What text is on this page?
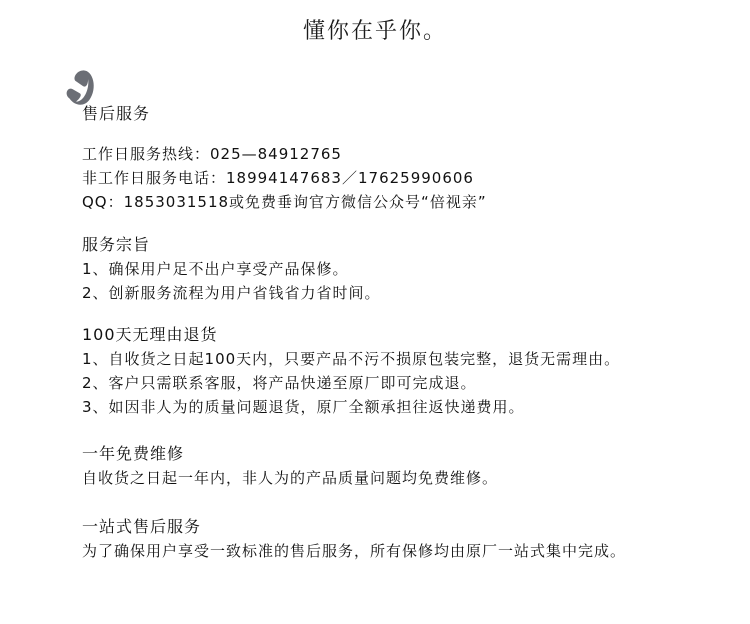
懂你在乎你。
售后服务
工作日服务热线：025—84912765
非工作日服务电话：18994147683／17625990606
QQ：1853031518或免费垂询官方微信公众号“倍视亲”
服务宗旨
1、确保用户足不出户享受产品保修。
2、创新服务流程为用户省钱省力省时间。
100天无理由退货
1、自收货之日起100天内，只要产品不污不损原包装完整，退货无需理由。
2、客户只需联系客服，将产品快递至原厂即可完成退。
3、如因非人为的质量问题退货，原厂全额承担往返快递费用。
一年免费维修
自收货之日起一年内，非人为的产品质量问题均免费维修。
一站式售后服务
为了确保用户享受一致标准的售后服务，所有保修均由原厂一站式集中完成。
